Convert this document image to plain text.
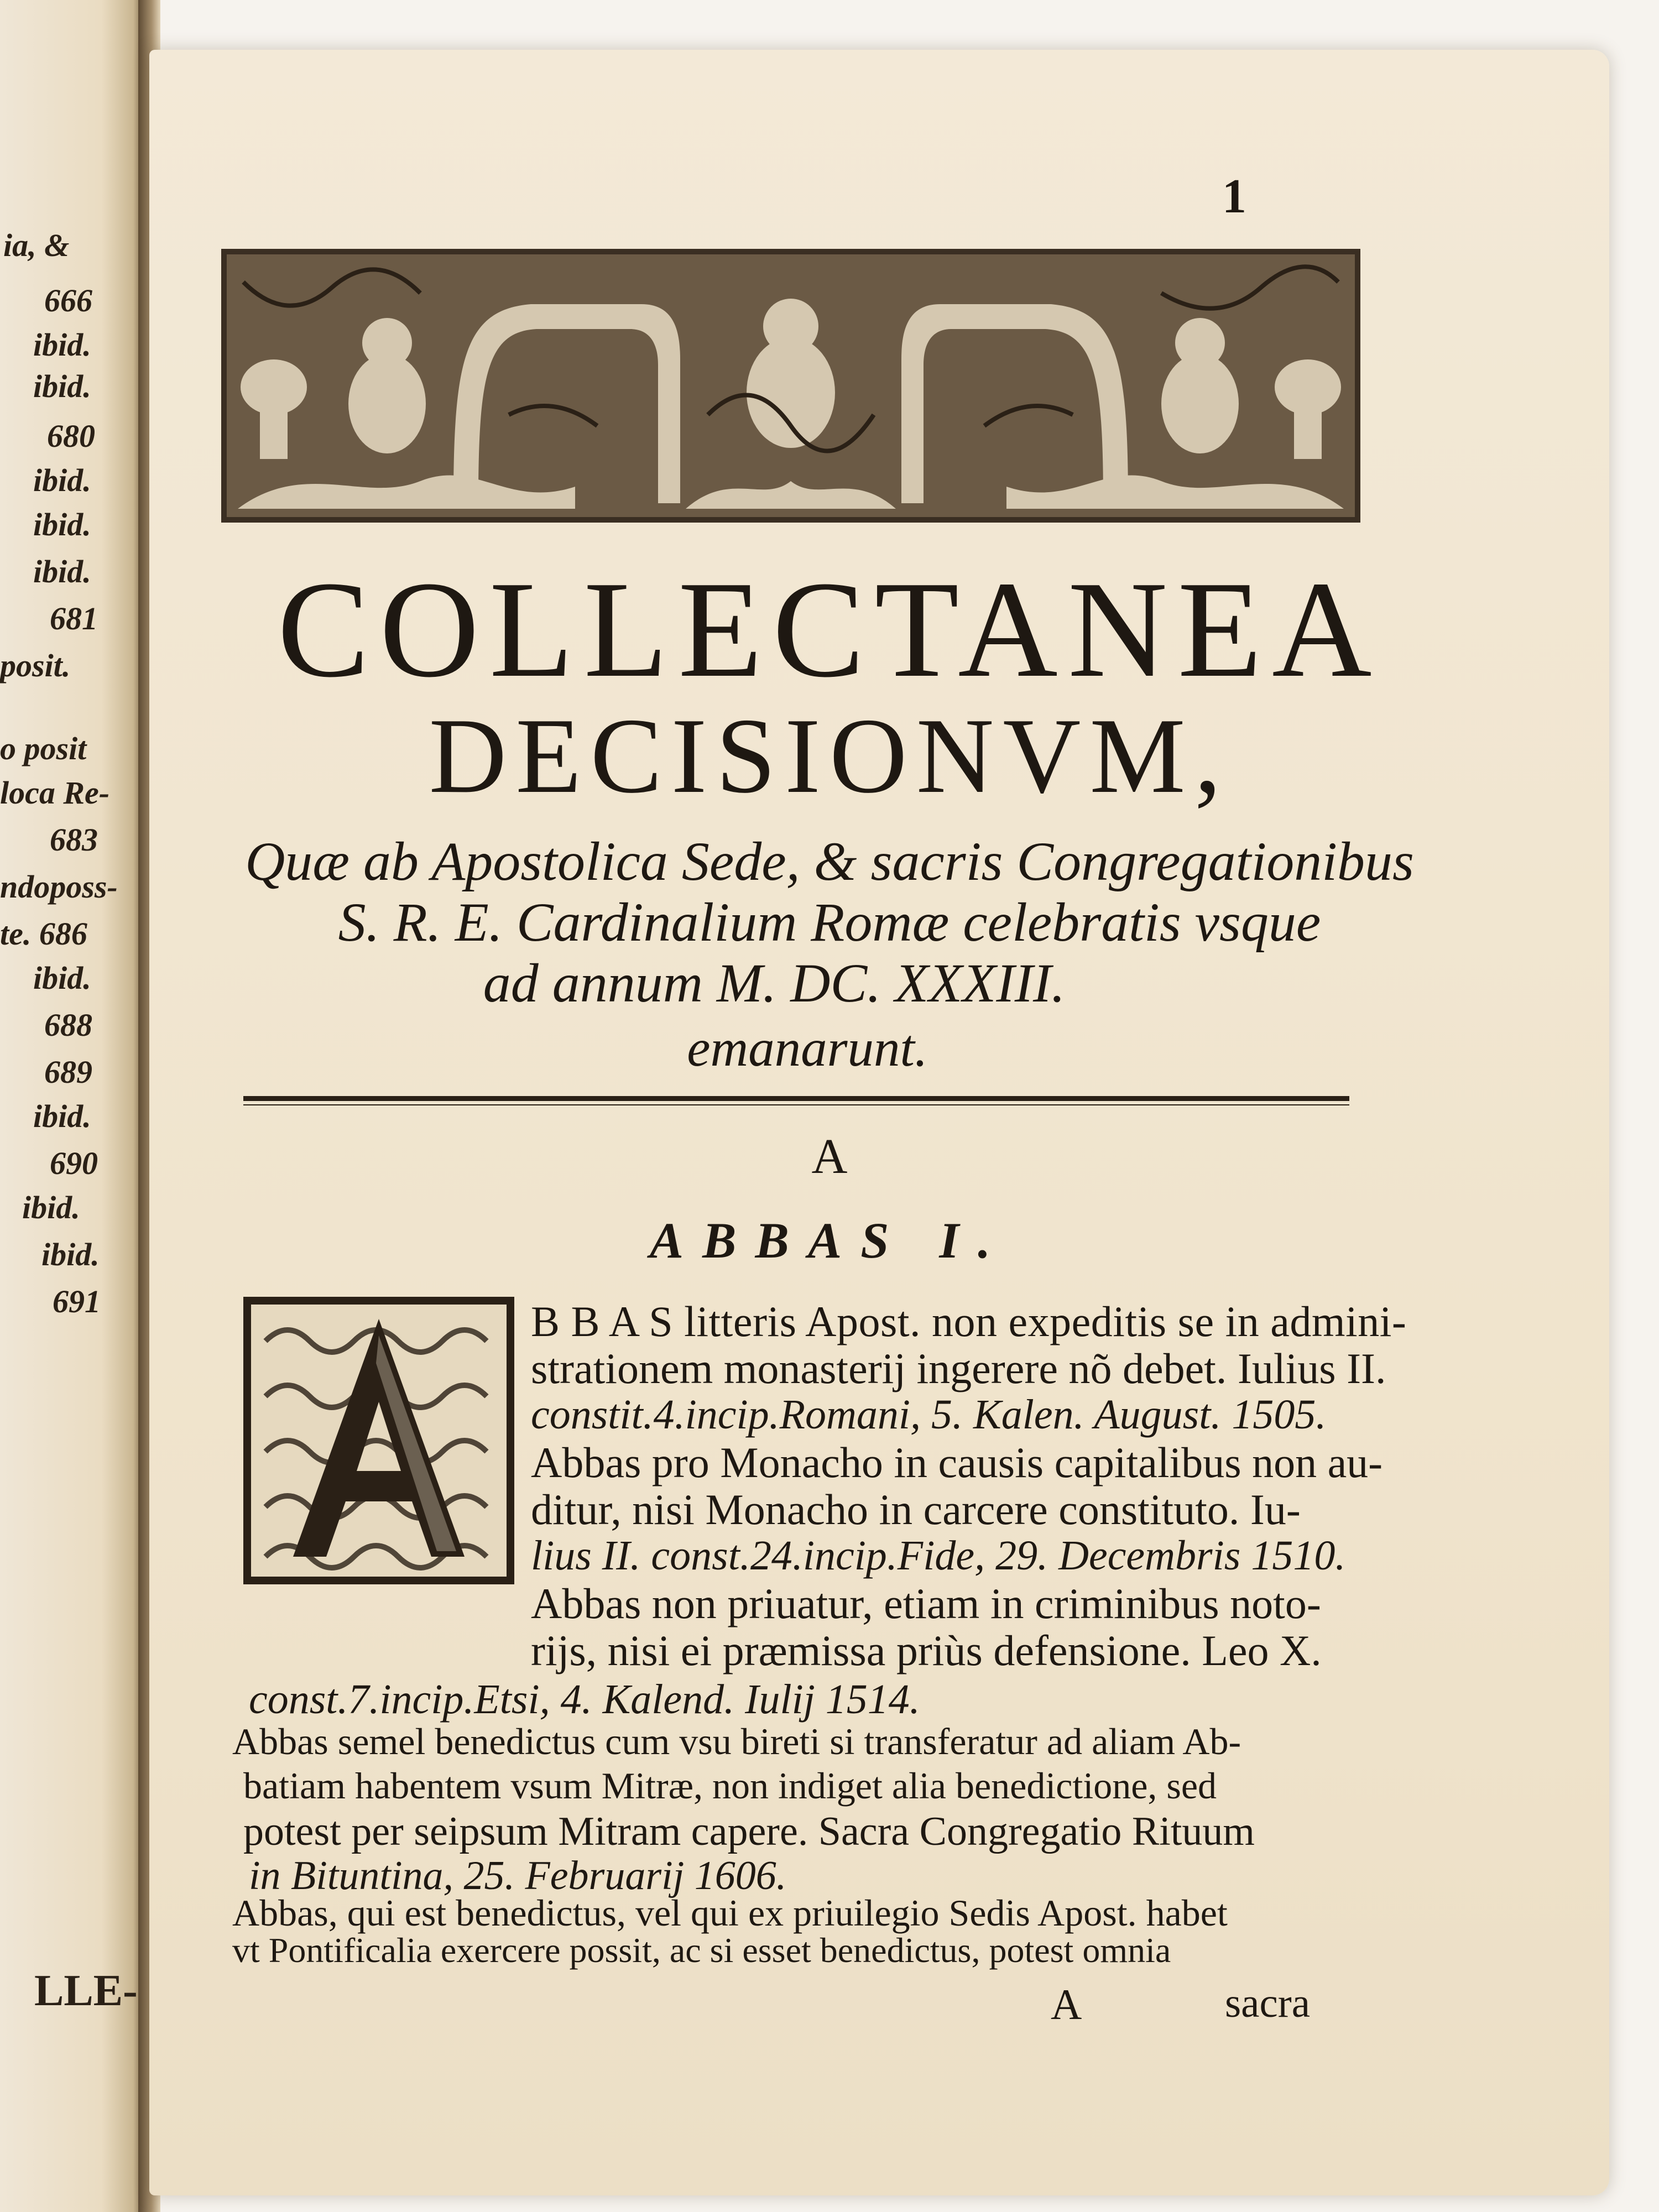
ia, &
666
ibid.
ibid.
680
ibid.
ibid.
ibid.
681
posit.
o posit
loca Re-
683
ndoposs-
te. 686
ibid.
688
689
ibid.
690
ibid.
ibid.
691
LLE-
1
COLLECTANEA
DECISIONVM,
Quæ ab Apostolica Sede, & sacris Congregationibus
S. R. E. Cardinalium Romæ celebratis vsque
ad annum M. DC. XXXIII.
emanarunt.
A
ABBAS I.
B B A S litteris Apost. non expeditis se in admini-
strationem monasterij ingerere nõ debet. Iulius II.
constit.4.incip.Romani, 5. Kalen. August. 1505.
Abbas pro Monacho in causis capitalibus non au-
ditur, nisi Monacho in carcere constituto. Iu-
lius II. const.24.incip.Fide, 29. Decembris 1510.
Abbas non priuatur, etiam in criminibus noto-
rijs, nisi ei præmissa priùs defensione. Leo X.
const.7.incip.Etsi, 4. Kalend. Iulij 1514.
Abbas semel benedictus cum vsu bireti si transferatur ad aliam Ab-
batiam habentem vsum Mitræ, non indiget alia benedictione, sed
potest per seipsum Mitram capere. Sacra Congregatio Rituum
in Bituntina, 25. Februarij 1606.
Abbas, qui est benedictus, vel qui ex priuilegio Sedis Apost. habet
vt Pontificalia exercere possit, ac si esset benedictus, potest omnia
A	sacra
